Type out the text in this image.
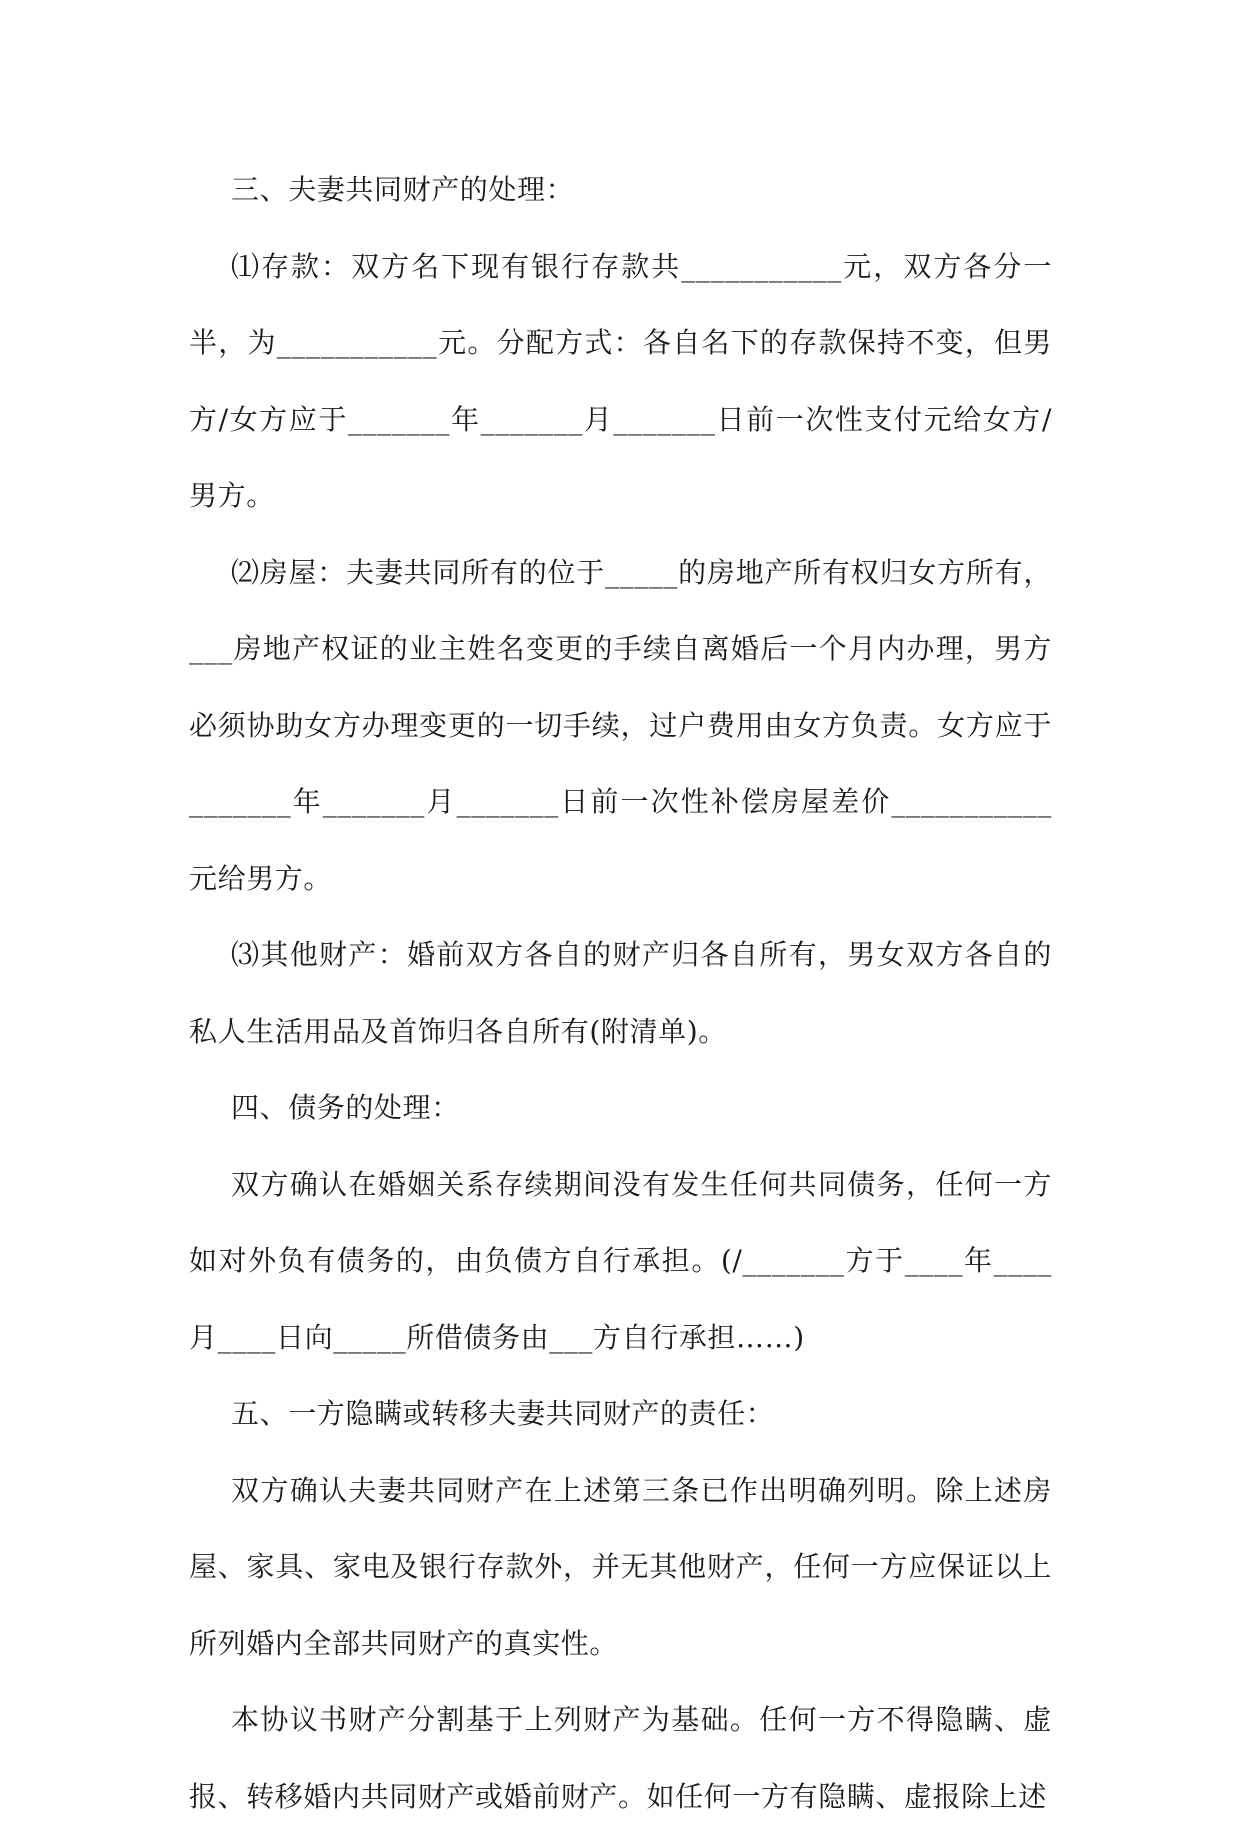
三、夫妻共同财产的处理：

⑴存款：双方名下现有银行存款共___________元，双方各分一半，为___________元。分配方式：各自名下的存款保持不变，但男方/女方应于_______年_______月_______日前一次性支付元给女方/男方。

⑵房屋：夫妻共同所有的位于_____的房地产所有权归女方所有，___房地产权证的业主姓名变更的手续自离婚后一个月内办理，男方必须协助女方办理变更的一切手续，过户费用由女方负责。女方应于_______年_______月_______日前一次性补偿房屋差价___________元给男方。

⑶其他财产：婚前双方各自的财产归各自所有，男女双方各自的私人生活用品及首饰归各自所有(附清单)。

四、债务的处理：

双方确认在婚姻关系存续期间没有发生任何共同债务，任何一方如对外负有债务的，由负债方自行承担。(/_______方于____年____月____日向_____所借债务由___方自行承担……)

五、一方隐瞒或转移夫妻共同财产的责任：

双方确认夫妻共同财产在上述第三条已作出明确列明。除上述房屋、家具、家电及银行存款外，并无其他财产，任何一方应保证以上所列婚内全部共同财产的真实性。

本协议书财产分割基于上列财产为基础。任何一方不得隐瞒、虚报、转移婚内共同财产或婚前财产。如任何一方有隐瞒、虚报除上述
